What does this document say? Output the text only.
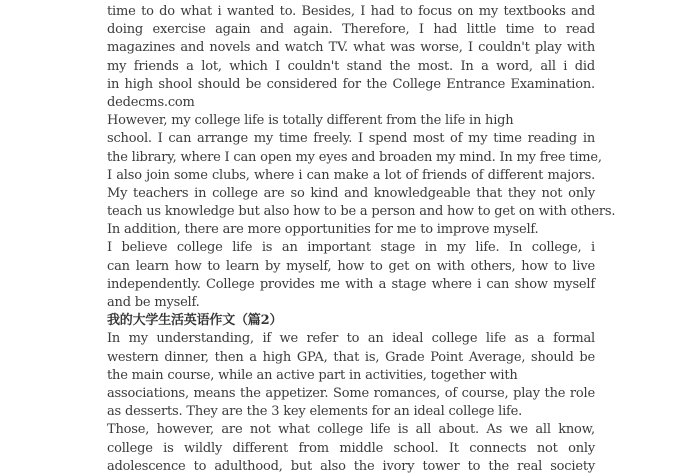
time to do what i wanted to. Besides, I had to focus on my textbooks and
doing exercise again and again. Therefore, I had little time to read
magazines and novels and watch TV. what was worse, I couldn't play with
my friends a lot, which I couldn't stand the most. In a word, all i did
in high shool should be considered for the College Entrance Examination.
dedecms.com
However, my college life is totally different from the life in high
school. I can arrange my time freely. I spend most of my time reading in
the library, where I can open my eyes and broaden my mind. In my free time,
I also join some clubs, where i can make a lot of friends of different majors.
My teachers in college are so kind and knowledgeable that they not only
teach us knowledge but also how to be a person and how to get on with others.
In addition, there are more opportunities for me to improve myself.
I believe college life is an important stage in my life. In college, i
can learn how to learn by myself, how to get on with others, how to live
independently. College provides me with a stage where i can show myself
and be myself.
我的大学生活英语作文（篇2）
In my understanding, if we refer to an ideal college life as a formal
western dinner, then a high GPA, that is, Grade Point Average, should be
the main course, while an active part in activities, together with
associations, means the appetizer. Some romances, of course, play the role
as desserts. They are the 3 key elements for an ideal college life.
Those, however, are not what college life is all about. As we all know,
college is wildly different from middle school. It connects not only
adolescence to adulthood, but also the ivory tower to the real society
